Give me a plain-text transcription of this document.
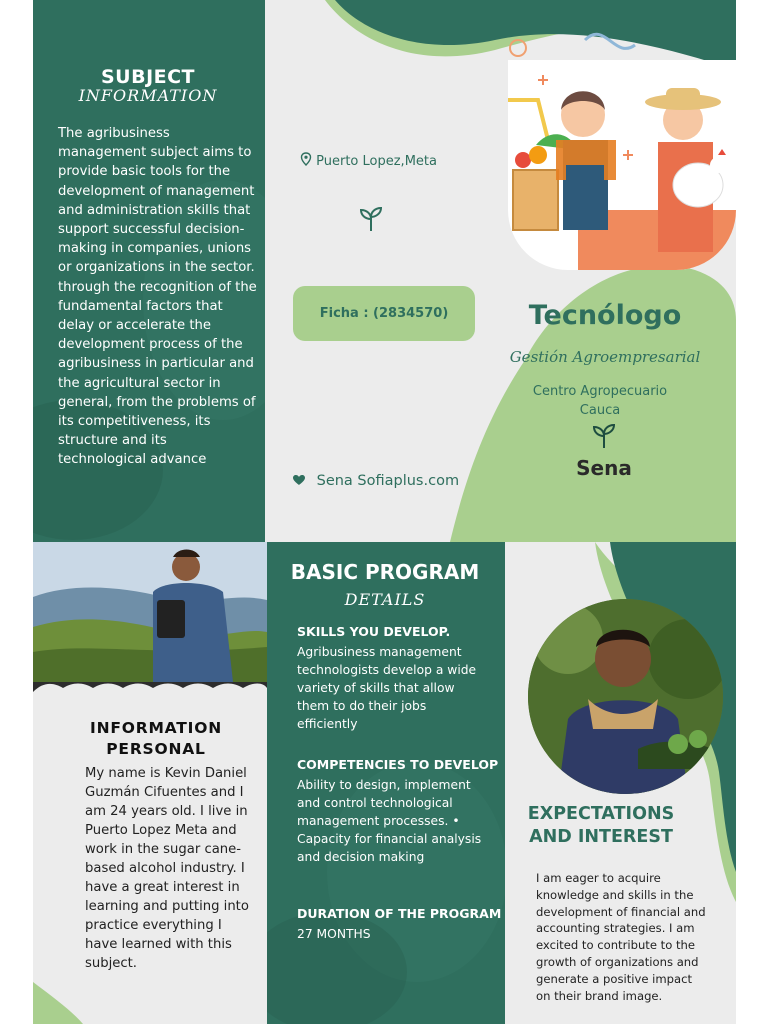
SUBJECT
INFORMATION
The agribusiness management subject aims to provide basic tools for the development of management and administration skills that support successful decision-making in companies, unions or organizations in the sector. through the recognition of the fundamental factors that delay or accelerate the development process of the agribusiness in particular and the agricultural sector in general, from the problems of its competitiveness, its structure and its technological advance
Puerto Lopez,Meta
Ficha : (2834570)
Sena Sofiaplus.com
Tecnólogo
Gestión Agroempresarial
Centro Agropecuario
Cauca
Sena
INFORMATION
PERSONAL
My name is Kevin Daniel Guzmán Cifuentes and I am 24 years old. I live in Puerto Lopez Meta and work in the sugar cane-based alcohol industry. I have a great interest in learning and putting into practice everything I have learned with this subject.
BASIC PROGRAM
DETAILS
SKILLS YOU DEVELOP.
Agribusiness management technologists develop a wide variety of skills that allow them to do their jobs efficiently
COMPETENCIES TO DEVELOP
Ability to design, implement and control technological management processes. • Capacity for financial analysis and decision making
DURATION OF THE PROGRAM
27 MONTHS
EXPECTATIONS
AND INTEREST
I am eager to acquire knowledge and skills in the development of financial and accounting strategies. I am excited to contribute to the growth of organizations and generate a positive impact on their brand image.
